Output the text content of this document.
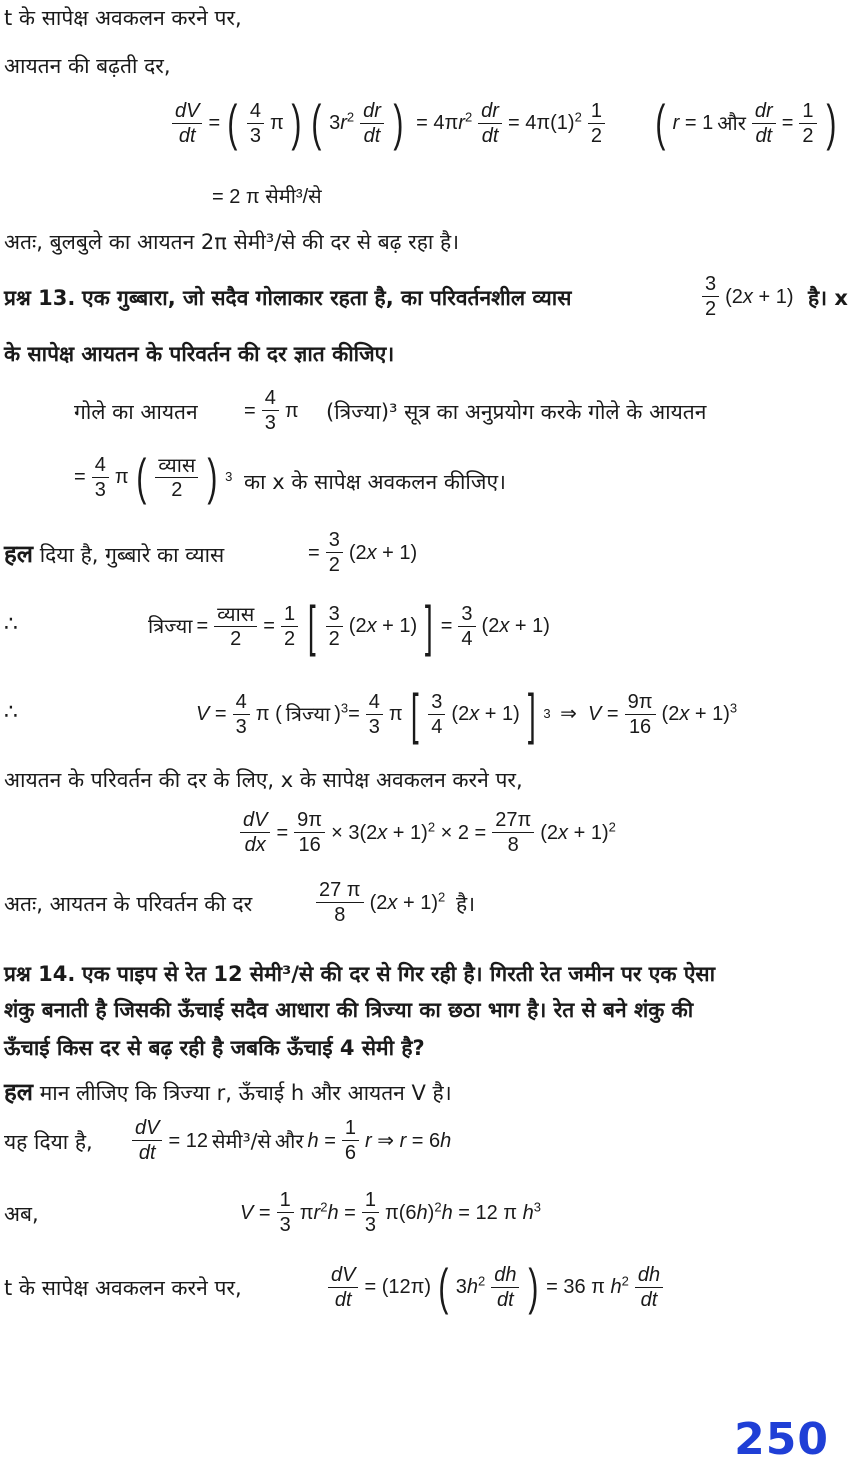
t के सापेक्ष अवकलन करने पर,
आयतन की बढ़ती दर,
$\frac{dV}{dt}$ = ( $\frac{4}{3}$ π ) ( $3r^2 \frac{dr}{dt}$ ) = $4\pi r^2 \frac{dr}{dt} = 4\pi(1)^2 \frac{1}{2}$ ( r = 1 और $\frac{dr}{dt} = \frac{1}{2}$ )
= 2 π सेमी³/से
अतः, बुलबुले का आयतन 2π सेमी³/से की दर से बढ़ रहा है।
प्रश्न 13. एक गुब्बारा, जो सदैव गोलाकार रहता है, का परिवर्तनशील व्यास	$\frac{3}{2} (2x + 1)$ है। x
के सापेक्ष आयतन के परिवर्तन की दर ज्ञात कीजिए।
गोले का आयतन = $\frac{4}{3}$ π (त्रिज्या)³ सूत्र का अनुप्रयोग करके गोले के आयतन
= $\frac{4}{3}$ π ( $\frac{\text{व्यास}}{2}$ ) 3 का x के सापेक्ष अवकलन कीजिए।
हल दिया है, गुब्बारे का व्यास	= $\frac{3}{2} (2x + 1)$
∴	त्रिज्या = $\frac{\text{व्यास}}{2} = \frac{1}{2}$ [ $\frac{3}{2} (2x + 1)$ ] = $\frac{3}{4} (2x + 1)$
∴	$V = \frac{4}{3}$ π ( त्रिज्या )$^3= \frac{4}{3}$ π [ $\frac{3}{4} (2x + 1)$ ] 3 ⇒  $V = \frac{9\pi}{16} (2x + 1)^3$
आयतन के परिवर्तन की दर के लिए, x के सापेक्ष अवकलन करने पर,
$\frac{dV}{dx} = \frac{9\pi}{16} \times 3(2x + 1)^2 \times 2 = \frac{27\pi}{8} (2x + 1)^2$
अतः, आयतन के परिवर्तन की दर	$\frac{27 \pi}{8} (2x + 1)^2$ है।
प्रश्न 14. एक पाइप से रेत 12 सेमी³/से की दर से गिर रही है। गिरती रेत जमीन पर एक ऐसा
शंकु बनाती है जिसकी ऊँचाई सदैव आधारा की त्रिज्या का छठा भाग है। रेत से बने शंकु की
ऊँचाई किस दर से बढ़ रही है जबकि ऊँचाई 4 सेमी है?
हल मान लीजिए कि त्रिज्या r, ऊँचाई h और आयतन V है।
यह दिया है, $\frac{dV}{dt} = 12$ सेमी³/से और $h = \frac{1}{6}$ r ⇒ r = 6h
अब,	$V = \frac{1}{3} \pi r^2h = \frac{1}{3} \pi(6h)^2h = 12$ π $h^3$
t के सापेक्ष अवकलन करने पर,	$\frac{dV}{dt} = (12\pi)$ ( $3h^2 \frac{dh}{dt}$ ) = 36 π $h^2 \frac{dh}{dt}$
250
